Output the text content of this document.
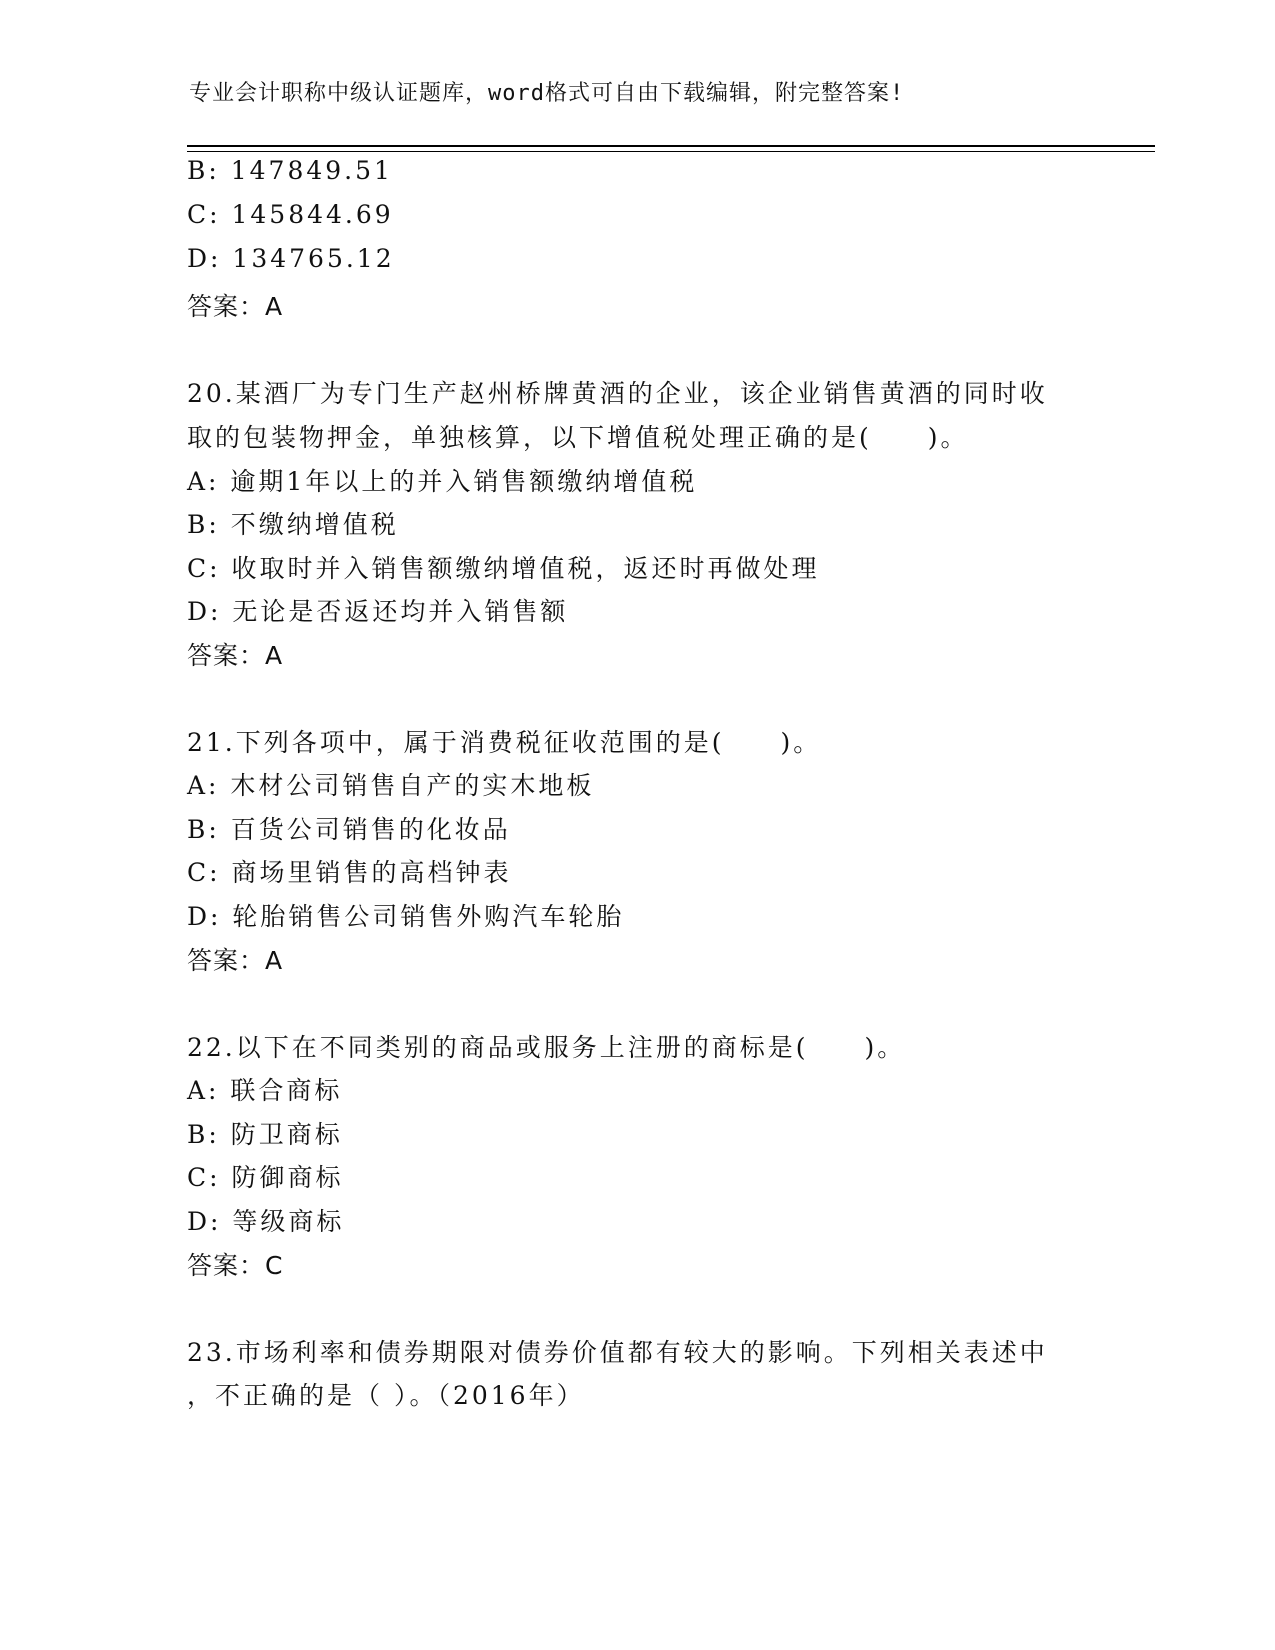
专业会计职称中级认证题库，word格式可自由下载编辑，附完整答案!
B: 147849.51
C: 145844.69
D: 134765.12
答案：A
20.某酒厂为专门生产赵州桥牌黄酒的企业，该企业销售黄酒的同时收
取的包装物押金，单独核算，以下增值税处理正确的是(　　)。
A: 逾期1年以上的并入销售额缴纳增值税
B: 不缴纳增值税
C: 收取时并入销售额缴纳增值税，返还时再做处理
D: 无论是否返还均并入销售额
答案：A
21.下列各项中，属于消费税征收范围的是(　　)。
A: 木材公司销售自产的实木地板
B: 百货公司销售的化妆品
C: 商场里销售的高档钟表
D: 轮胎销售公司销售外购汽车轮胎
答案：A
22.以下在不同类别的商品或服务上注册的商标是(　　)。
A: 联合商标
B: 防卫商标
C: 防御商标
D: 等级商标
答案：C
23.市场利率和债券期限对债券价值都有较大的影响。下列相关表述中
，不正确的是（ ）。（2016年）
